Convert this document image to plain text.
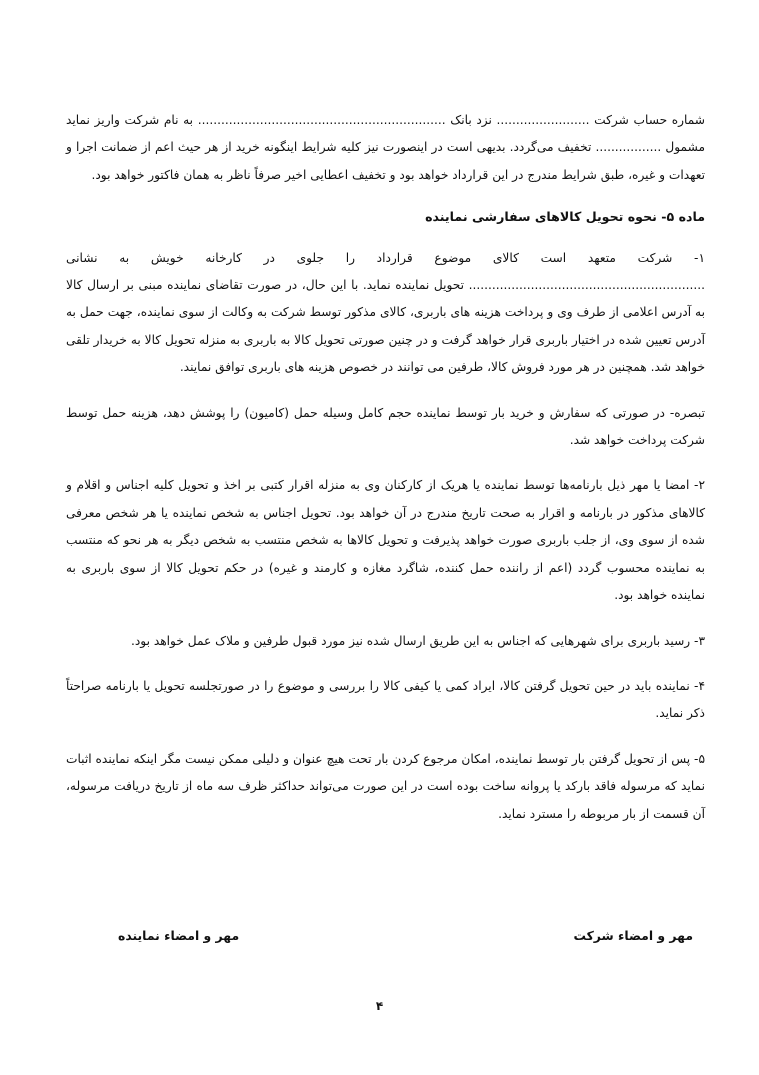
شماره حساب شرکت ........................ نزد بانک ................................................................ به نام شرکت واریز نماید مشمول ................. تخفیف می‌گردد. بدیهی است در اینصورت نیز کلیه شرایط اینگونه خرید از هر حیث اعم از ضمانت اجرا و تعهدات و غیره، طبق شرایط مندرج در این قرارداد خواهد بود و تخفیف اعطایی اخیر صرفاً ناظر به همان فاکتور خواهد بود.

ماده ۵- نحوه تحویل کالاهای سفارشی نماینده

۱- شرکت متعهد است کالای موضوع قرارداد را جلوی در کارخانه خویش به نشانی ............................................................. تحویل نماینده نماید. با این حال، در صورت تقاضای نماینده مبنی بر ارسال کالا به آدرس اعلامی از طرف وی و پرداخت هزینه های باربری، کالای مذکور توسط شرکت به وکالت از سوی نماینده، جهت حمل به آدرس تعیین شده در اختیار باربری قرار خواهد گرفت و در چنین صورتی تحویل کالا به باربری به منزله تحویل کالا به خریدار تلقی خواهد شد. همچنین در هر مورد فروش کالا، طرفین می توانند در خصوص هزینه های باربری توافق نمایند.

تبصره- در صورتی که سفارش و خرید بار توسط نماینده حجم کامل وسیله حمل (کامیون) را پوشش دهد، هزینه حمل توسط شرکت پرداخت خواهد شد.

۲- امضا یا مهر ذیل بارنامه‌ها توسط نماینده یا هریک از کارکنان وی به منزله اقرار کتبی بر اخذ و تحویل کلیه اجناس و اقلام و کالاهای مذکور در بارنامه و اقرار به صحت تاریخ مندرج در آن خواهد بود. تحویل اجناس به شخص نماینده یا هر شخص معرفی شده از سوی وی، از جلب باربری صورت خواهد پذیرفت و تحویل کالاها به شخص منتسب به شخص دیگر به هر نحو که منتسب به نماینده محسوب گردد (اعم از راننده حمل کننده، شاگرد مغازه و کارمند و غیره) در حکم تحویل کالا از سوی باربری به نماینده خواهد بود.

۳- رسید باربری برای شهرهایی که اجناس به این طریق ارسال شده نیز مورد قبول طرفین و ملاک عمل خواهد بود.

۴- نماینده باید در حین تحویل گرفتن کالا، ایراد کمی یا کیفی کالا را بررسی و موضوع را در صورتجلسه تحویل یا بارنامه صراحتاً ذکر نماید.

۵- پس از تحویل گرفتن بار توسط نماینده، امکان مرجوع کردن بار تحت هیچ عنوان و دلیلی ممکن نیست مگر اینکه نماینده اثبات نماید که مرسوله فاقد بارکد یا پروانه ساخت بوده است در این صورت می‌تواند حداکثر ظرف سه ماه از تاریخ دریافت مرسوله، آن قسمت از بار مربوطه را مسترد نماید.

مهر و امضاء شرکت
مهر و امضاء نماینده
۴
